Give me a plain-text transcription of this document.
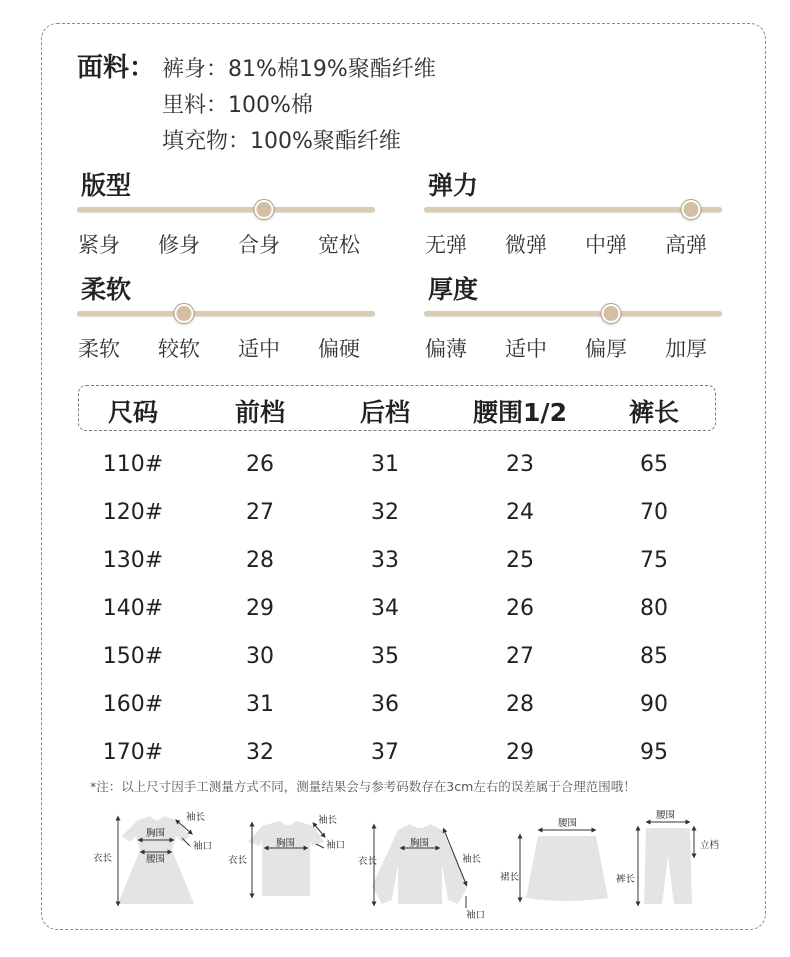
面料： 裤身：81%棉19%聚酯纤维
里料：100%棉
填充物：100%聚酯纤维
版型
紧身	修身	合身	宽松
弹力
无弹	微弹	中弹	高弹
柔软
柔软	较软	适中	偏硬
厚度
偏薄	适中	偏厚	加厚
尺码	前档	后档	腰围1/2 裤长
110#	26	31	23	65
120#	27	32	24	70
130#	28	33	25	75
140#	29	34	26	80
150#	30	35	27	85
160#	31	36	28	90
170#	32	37	29	95
*注：以上尺寸因手工测量方式不同，测量结果会与参考码数存在3cm左右的误差属于合理范围哦！
衣长
胸围
腰围
袖长
袖口
衣长
胸围
袖长
袖口
衣长
胸围
袖长
袖口
腰围
裙长
腰围
立档
裤长
